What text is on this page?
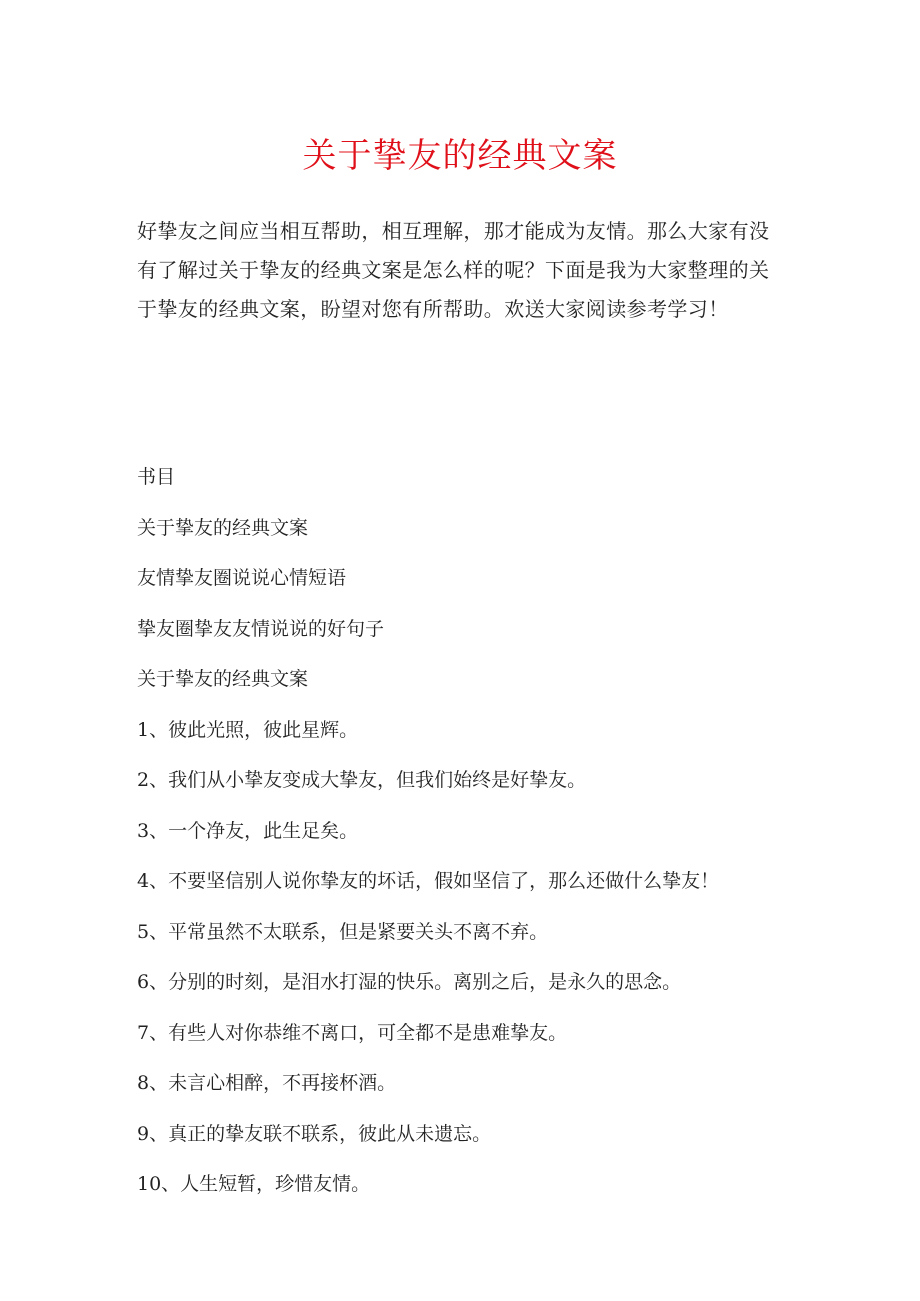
关于挚友的经典文案

好挚友之间应当相互帮助，相互理解，那才能成为友情。那么大家有没有了解过关于挚友的经典文案是怎么样的呢？下面是我为大家整理的关于挚友的经典文案，盼望对您有所帮助。欢送大家阅读参考学习！

书目
关于挚友的经典文案
友情挚友圈说说心情短语
挚友圈挚友友情说说的好句子
关于挚友的经典文案
1、彼此光照，彼此星辉。
2、我们从小挚友变成大挚友，但我们始终是好挚友。
3、一个净友，此生足矣。
4、不要坚信别人说你挚友的坏话，假如坚信了，那么还做什么挚友！
5、平常虽然不太联系，但是紧要关头不离不弃。
6、分别的时刻，是泪水打湿的快乐。离别之后，是永久的思念。
7、有些人对你恭维不离口，可全都不是患难挚友。
8、未言心相醉，不再接杯酒。
9、真正的挚友联不联系，彼此从未遗忘。
10、人生短暂，珍惜友情。
